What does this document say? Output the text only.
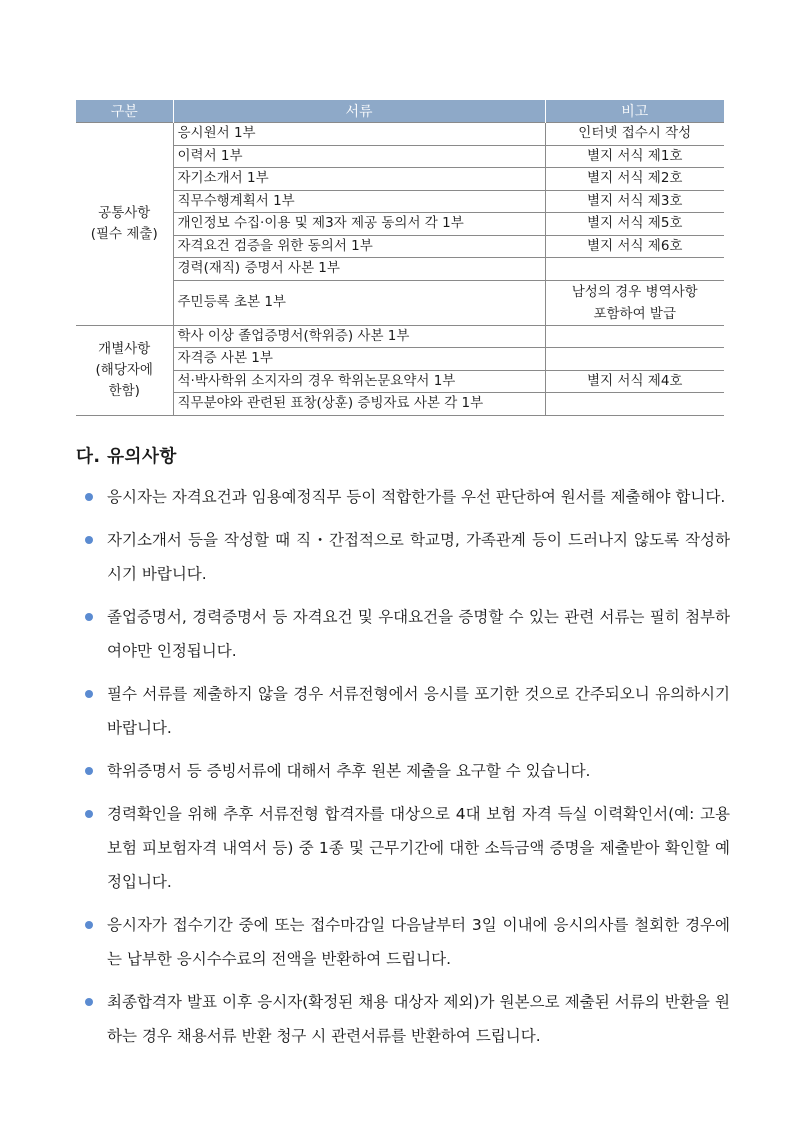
구분	서류	비고
공통사항
(필수 제출)	응시원서 1부	인터넷 접수시 작성
	이력서 1부	별지 서식 제1호
	자기소개서 1부	별지 서식 제2호
	직무수행계획서 1부	별지 서식 제3호
	개인정보 수집·이용 및 제3자 제공 동의서 각 1부	별지 서식 제5호
	자격요건 검증을 위한 동의서 1부	별지 서식 제6호
	경력(재직) 증명서 사본 1부	
	주민등록 초본 1부	남성의 경우 병역사항
포함하여 발급
개별사항
(해당자에
한함)	학사 이상 졸업증명서(학위증) 사본 1부	
	자격증 사본 1부	
	석·박사학위 소지자의 경우 학위논문요약서 1부	별지 서식 제4호
	직무분야와 관련된 표창(상훈) 증빙자료 사본 각 1부	
다. 유의사항
응시자는 자격요건과 임용예정직무 등이 적합한가를 우선 판단하여 원서를 제출해야 합니다.
자기소개서 등을 작성할 때 직・간접적으로 학교명, 가족관계 등이 드러나지 않도록 작성하시기 바랍니다.
졸업증명서, 경력증명서 등 자격요건 및 우대요건을 증명할 수 있는 관련 서류는 필히 첨부하여야만 인정됩니다.
필수 서류를 제출하지 않을 경우 서류전형에서 응시를 포기한 것으로 간주되오니 유의하시기 바랍니다.
학위증명서 등 증빙서류에 대해서 추후 원본 제출을 요구할 수 있습니다.
경력확인을 위해 추후 서류전형 합격자를 대상으로 4대 보험 자격 득실 이력확인서(예: 고용보험 피보험자격 내역서 등) 중 1종 및 근무기간에 대한 소득금액 증명을 제출받아 확인할 예정입니다.
응시자가 접수기간 중에 또는 접수마감일 다음날부터 3일 이내에 응시의사를 철회한 경우에는 납부한 응시수수료의 전액을 반환하여 드립니다.
최종합격자 발표 이후 응시자(확정된 채용 대상자 제외)가 원본으로 제출된 서류의 반환을 원하는 경우 채용서류 반환 청구 시 관련서류를 반환하여 드립니다.
